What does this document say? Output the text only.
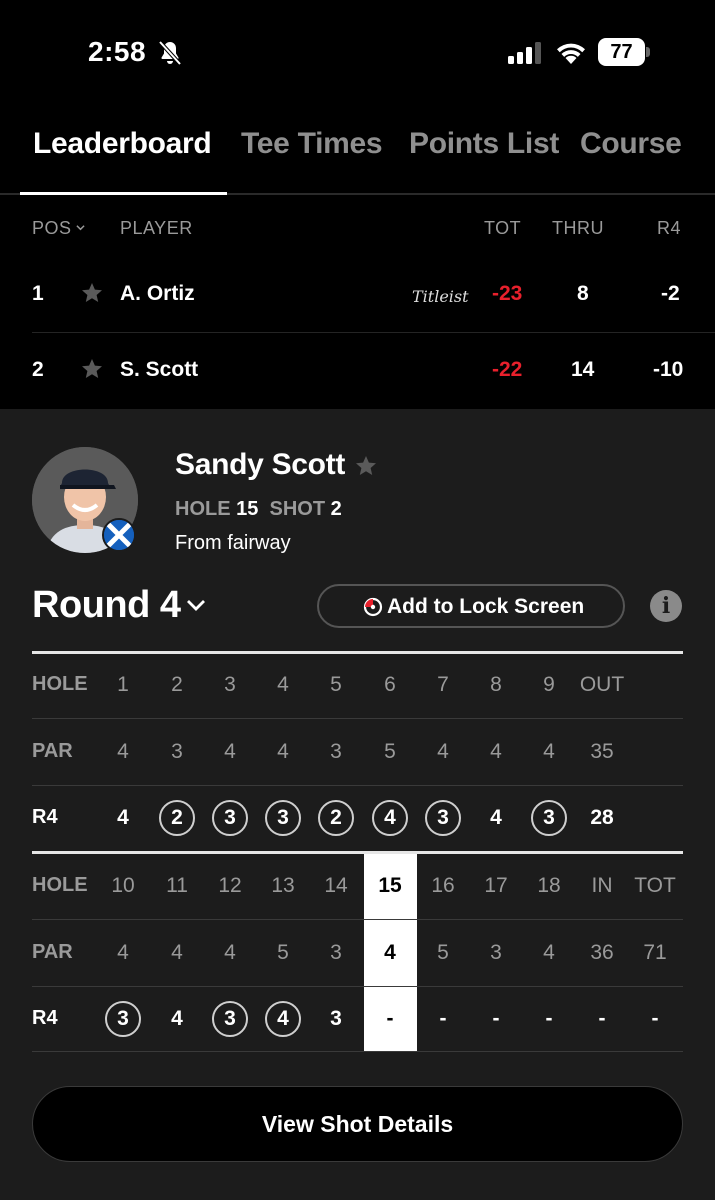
2:58	77
Leaderboard Tee Times Points List Course
POS	PLAYER	TOT THRU	R4
1	A. Ortiz	-23	8	-2
Titleist
2	S. Scott	-22 14	-10
Sandy Scott
HOLE 15 SHOT 2
From fairway
Round 4	Add to Lock Screen	i
HOLE	1	2	3	4	5	6	7	8	9	OUT
PAR	4	3	4	4	3	5	4	4	4	35
R4	4	2	3	3	2	4	3	4	3	28
HOLE	10	11	12	13	14	15	16	17	18	IN	TOT
PAR	4	4	4	5	3	4	5	3	4	36	71
R4	3	4	3	4	3	-	-	-	-	-	-
View Shot Details
